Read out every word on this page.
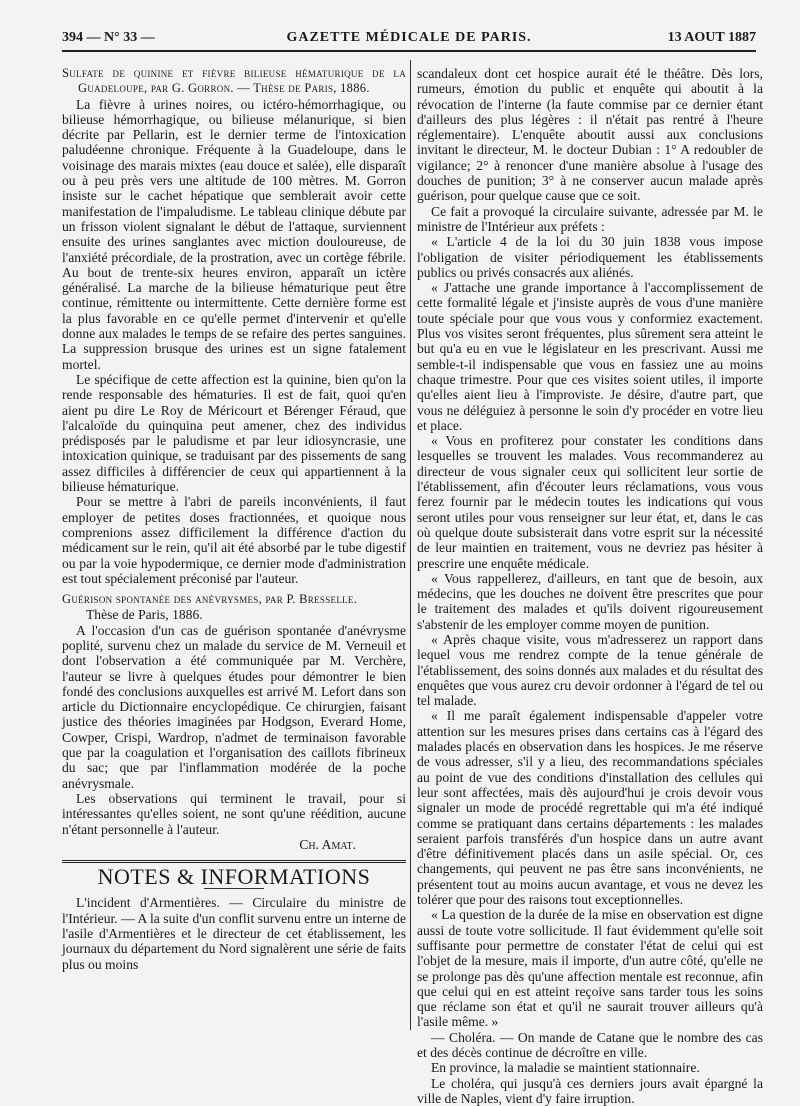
394 — N° 33 —	GAZETTE MÉDICALE DE PARIS.	13 AOUT 1887

Sulfate de quinine et fièvre bilieuse hématurique de la Guadeloupe, par G. Gorron. — Thèse de Paris, 1886.

La fièvre à urines noires, ou ictéro-hémorrhagique, ou bilieuse hémorrhagique, ou bilieuse mélanurique, si bien décrite par Pellarin, est le dernier terme de l'intoxication paludéenne chronique. Fréquente à la Guadeloupe, dans le voisinage des marais mixtes (eau douce et salée), elle disparaît ou à peu près vers une altitude de 100 mètres. M. Gorron insiste sur le cachet hépatique que semblerait avoir cette manifestation de l'impaludisme. Le tableau clinique débute par un frisson violent signalant le début de l'attaque, surviennent ensuite des urines sanglantes avec miction douloureuse, de l'anxiété précordiale, de la prostration, avec un cortège fébrile. Au bout de trente-six heures environ, apparaît un ictère généralisé. La marche de la bilieuse hématurique peut être continue, rémittente ou intermittente. Cette dernière forme est la plus favorable en ce qu'elle permet d'intervenir et qu'elle donne aux malades le temps de se refaire des pertes sanguines. La suppression brusque des urines est un signe fatalement mortel.

Le spécifique de cette affection est la quinine, bien qu'on la rende responsable des hématuries. Il est de fait, quoi qu'en aient pu dire Le Roy de Méricourt et Bérenger Féraud, que l'alcaloïde du quinquina peut amener, chez des individus prédisposés par le paludisme et par leur idiosyncrasie, une intoxication quinique, se traduisant par des pissements de sang assez difficiles à différencier de ceux qui appartiennent à la bilieuse hématurique.

Pour se mettre à l'abri de pareils inconvénients, il faut employer de petites doses fractionnées, et quoique nous comprenions assez difficilement la différence d'action du médicament sur le rein, qu'il ait été absorbé par le tube digestif ou par la voie hypodermique, ce dernier mode d'administration est tout spécialement préconisé par l'auteur.

Guérison spontanée des anévrysmes, par P. Bresselle.

Thèse de Paris, 1886.

A l'occasion d'un cas de guérison spontanée d'anévrysme poplité, survenu chez un malade du service de M. Verneuil et dont l'observation a été communiquée par M. Verchère, l'auteur se livre à quelques études pour démontrer le bien fondé des conclusions auxquelles est arrivé M. Lefort dans son article du Dictionnaire encyclopédique. Ce chirurgien, faisant justice des théories imaginées par Hodgson, Everard Home, Cowper, Crispi, Wardrop, n'admet de terminaison favorable que par la coagulation et l'organisation des caillots fibrineux du sac; que par l'inflammation modérée de la poche anévrysmale.

Les observations qui terminent le travail, pour si intéressantes qu'elles soient, ne sont qu'une réédition, aucune n'étant personnelle à l'auteur.

Ch. Amat.

NOTES & INFORMATIONS

L'incident d'Armentières. — Circulaire du ministre de l'Intérieur. — A la suite d'un conflit survenu entre un interne de l'asile d'Armentières et le directeur de cet établissement, les journaux du département du Nord signalèrent une série de faits plus ou moins

scandaleux dont cet hospice aurait été le théâtre. Dès lors, rumeurs, émotion du public et enquête qui aboutit à la révocation de l'interne (la faute commise par ce dernier étant d'ailleurs des plus légères : il n'était pas rentré à l'heure réglementaire). L'enquête aboutit aussi aux conclusions invitant le directeur, M. le docteur Dubian : 1° A redoubler de vigilance; 2° à renoncer d'une manière absolue à l'usage des douches de punition; 3° à ne conserver aucun malade après guérison, pour quelque cause que ce soit.

Ce fait a provoqué la circulaire suivante, adressée par M. le ministre de l'Intérieur aux préfets :

« L'article 4 de la loi du 30 juin 1838 vous impose l'obligation de visiter périodiquement les établissements publics ou privés consacrés aux aliénés.

« J'attache une grande importance à l'accomplissement de cette formalité légale et j'insiste auprès de vous d'une manière toute spéciale pour que vous vous y conformiez exactement. Plus vos visites seront fréquentes, plus sûrement sera atteint le but qu'a eu en vue le législateur en les prescrivant. Aussi me semble-t-il indispensable que vous en fassiez une au moins chaque trimestre. Pour que ces visites soient utiles, il importe qu'elles aient lieu à l'improviste. Je désire, d'autre part, que vous ne déléguiez à personne le soin d'y procéder en votre lieu et place.

« Vous en profiterez pour constater les conditions dans lesquelles se trouvent les malades. Vous recommanderez au directeur de vous signaler ceux qui sollicitent leur sortie de l'établissement, afin d'écouter leurs réclamations, vous vous ferez fournir par le médecin toutes les indications qui vous seront utiles pour vous renseigner sur leur état, et, dans le cas où quelque doute subsisterait dans votre esprit sur la nécessité de leur maintien en traitement, vous ne devriez pas hésiter à prescrire une enquête médicale.

« Vous rappellerez, d'ailleurs, en tant que de besoin, aux médecins, que les douches ne doivent être prescrites que pour le traitement des malades et qu'ils doivent rigoureusement s'abstenir de les employer comme moyen de punition.

« Après chaque visite, vous m'adresserez un rapport dans lequel vous me rendrez compte de la tenue générale de l'établissement, des soins donnés aux malades et du résultat des enquêtes que vous aurez cru devoir ordonner à l'égard de tel ou tel malade.

« Il me paraît également indispensable d'appeler votre attention sur les mesures prises dans certains cas à l'égard des malades placés en observation dans les hospices. Je me réserve de vous adresser, s'il y a lieu, des recommandations spéciales au point de vue des conditions d'installation des cellules qui leur sont affectées, mais dès aujourd'hui je crois devoir vous signaler un mode de procédé regrettable qui m'a été indiqué comme se pratiquant dans certains départements : les malades seraient parfois transférés d'un hospice dans un autre avant d'être définitivement placés dans un asile spécial. Or, ces changements, qui peuvent ne pas être sans inconvénients, ne présentent tout au moins aucun avantage, et vous ne devez les tolérer que pour des raisons tout exceptionnelles.

« La question de la durée de la mise en observation est digne aussi de toute votre sollicitude. Il faut évidemment qu'elle soit suffisante pour permettre de constater l'état de celui qui est l'objet de la mesure, mais il importe, d'un autre côté, qu'elle ne se prolonge pas dès qu'une affection mentale est reconnue, afin que celui qui en est atteint reçoive sans tarder tous les soins que réclame son état et qu'il ne saurait trouver ailleurs qu'à l'asile même. »

— Choléra. — On mande de Catane que le nombre des cas et des décès continue de décroître en ville.

En province, la maladie se maintient stationnaire.

Le choléra, qui jusqu'à ces derniers jours avait épargné la ville de Naples, vient d'y faire irruption.
